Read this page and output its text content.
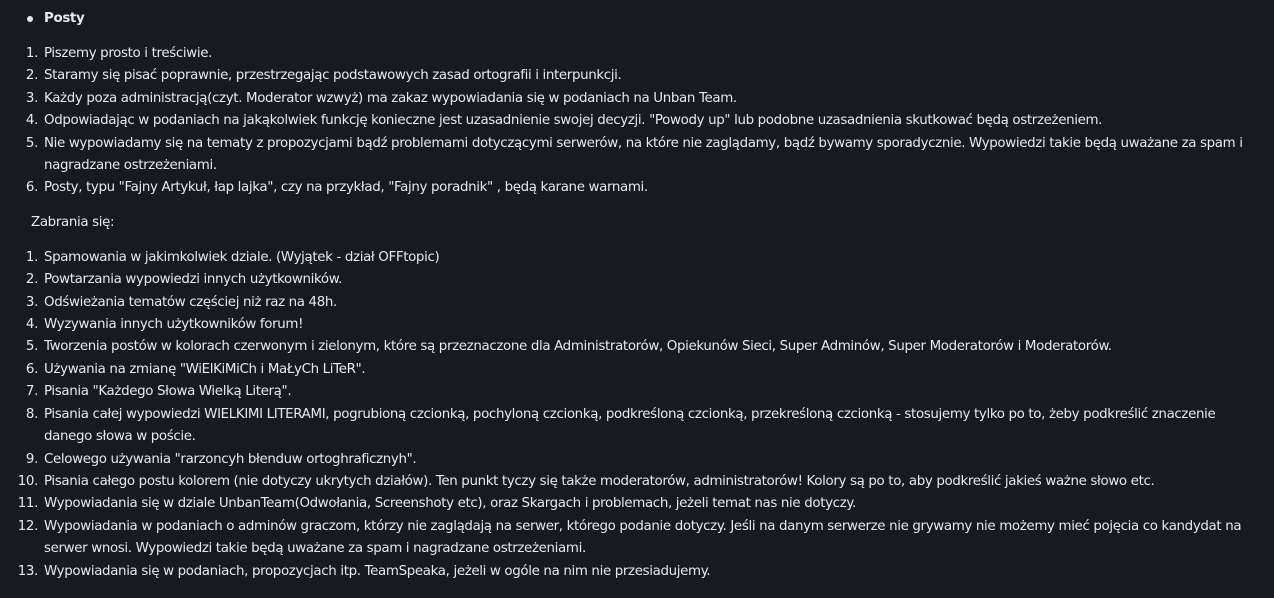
Posty
1. Piszemy prosto i treściwie.
2. Staramy się pisać poprawnie, przestrzegając podstawowych zasad ortografii i interpunkcji.
3. Każdy poza administracją(czyt. Moderator wzwyż) ma zakaz wypowiadania się w podaniach na Unban Team.
4. Odpowiadając w podaniach na jakąkolwiek funkcję konieczne jest uzasadnienie swojej decyzji. "Powody up" lub podobne uzasadnienia skutkować będą ostrzeżeniem.
5. Nie wypowiadamy się na tematy z propozycjami bądź problemami dotyczącymi serwerów, na które nie zaglądamy, bądź bywamy sporadycznie. Wypowiedzi takie będą uważane za spam i nagradzane ostrzeżeniami.
6. Posty, typu "Fajny Artykuł, łap lajka", czy na przykład, "Fajny poradnik" , będą karane warnami.
Zabrania się:
1. Spamowania w jakimkolwiek dziale. (Wyjątek - dział OFFtopic)
2. Powtarzania wypowiedzi innych użytkowników.
3. Odświeżania tematów częściej niż raz na 48h.
4. Wyzywania innych użytkowników forum!
5. Tworzenia postów w kolorach czerwonym i zielonym, które są przeznaczone dla Administratorów, Opiekunów Sieci, Super Adminów, Super Moderatorów i Moderatorów.
6. Używania na zmianę "WiElKiMiCh i MaŁyCh LiTeR".
7. Pisania "Każdego Słowa Wielką Literą".
8. Pisania całej wypowiedzi WIELKIMI LITERAMI, pogrubioną czcionką, pochyloną czcionką, podkreśloną czcionką, przekreśloną czcionką - stosujemy tylko po to, żeby podkreślić znaczenie danego słowa w poście.
9. Celowego używania "rarzoncyh błenduw ortoghraficznyh".
10. Pisania całego postu kolorem (nie dotyczy ukrytych działów). Ten punkt tyczy się także moderatorów, administratorów! Kolory są po to, aby podkreślić jakieś ważne słowo etc.
11. Wypowiadania się w dziale UnbanTeam(Odwołania, Screenshoty etc), oraz Skargach i problemach, jeżeli temat nas nie dotyczy.
12. Wypowiadania w podaniach o adminów graczom, którzy nie zaglądają na serwer, którego podanie dotyczy. Jeśli na danym serwerze nie grywamy nie możemy mieć pojęcia co kandydat na serwer wnosi. Wypowiedzi takie będą uważane za spam i nagradzane ostrzeżeniami.
13. Wypowiadania się w podaniach, propozycjach itp. TeamSpeaka, jeżeli w ogóle na nim nie przesiadujemy.
